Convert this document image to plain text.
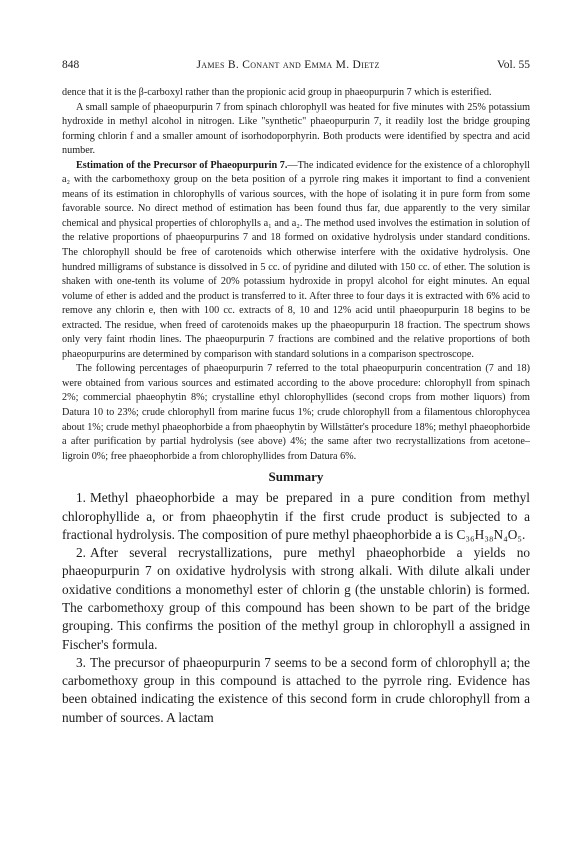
848	James B. Conant and Emma M. Dietz	Vol. 55

dence that it is the β-carboxyl rather than the propionic acid group in phaeopurpurin 7 which is esterified.

A small sample of phaeopurpurin 7 from spinach chlorophyll was heated for five minutes with 25% potassium hydroxide in methyl alcohol in nitrogen. Like "synthetic" phaeopurpurin 7, it readily lost the bridge grouping forming chlorin f and a smaller amount of isorhodoporphyrin. Both products were identified by spectra and acid number.

Estimation of the Precursor of Phaeopurpurin 7.—The indicated evidence for the existence of a chlorophyll a₂ with the carbomethoxy group on the beta position of a pyrrole ring makes it important to find a convenient means of its estimation in chlorophylls of various sources, with the hope of isolating it in pure form from some favorable source. No direct method of estimation has been found thus far, due apparently to the very similar chemical and physical properties of chlorophylls a₁ and a₂. The method used involves the estimation in solution of the relative proportions of phaeopurpurins 7 and 18 formed on oxidative hydrolysis under standard conditions. The chlorophyll should be free of carotenoids which otherwise interfere with the oxidative hydrolysis. One hundred milligrams of substance is dissolved in 5 cc. of pyridine and diluted with 150 cc. of ether. The solution is shaken with one-tenth its volume of 20% potassium hydroxide in propyl alcohol for eight minutes. An equal volume of ether is added and the product is transferred to it. After three to four days it is extracted with 6% acid to remove any chlorin e, then with 100 cc. extracts of 8, 10 and 12% acid until phaeopurpurin 18 begins to be extracted. The residue, when freed of carotenoids makes up the phaeopurpurin 18 fraction. The spectrum shows only very faint rhodin lines. The phaeopurpurin 7 fractions are combined and the relative proportions of both phaeopurpurins are determined by comparison with standard solutions in a comparison spectroscope.

The following percentages of phaeopurpurin 7 referred to the total phaeopurpurin concentration (7 and 18) were obtained from various sources and estimated according to the above procedure: chlorophyll from spinach 2%; commercial phaeophytin 8%; crystalline ethyl chlorophyllides (second crops from mother liquors) from Datura 10 to 23%; crude chlorophyll from marine fucus 1%; crude chlorophyll from a filamentous chlorophycea about 1%; crude methyl phaeophorbide a from phaeophytin by Willstätter's procedure 18%; methyl phaeophorbide a after purification by partial hydrolysis (see above) 4%; the same after two recrystallizations from acetone–ligroin 0%; free phaeophorbide a from chlorophyllides from Datura 6%.

Summary

1. Methyl phaeophorbide a may be prepared in a pure condition from methyl chlorophyllide a, or from phaeophytin if the first crude product is subjected to a fractional hydrolysis. The composition of pure methyl phaeophorbide a is C₃₆H₃₈N₄O₅.

2. After several recrystallizations, pure methyl phaeophorbide a yields no phaeopurpurin 7 on oxidative hydrolysis with strong alkali. With dilute alkali under oxidative conditions a monomethyl ester of chlorin g (the unstable chlorin) is formed. The carbomethoxy group of this compound has been shown to be part of the bridge grouping. This confirms the position of the methyl group in chlorophyll a assigned in Fischer's formula.

3. The precursor of phaeopurpurin 7 seems to be a second form of chlorophyll a; the carbomethoxy group in this compound is attached to the pyrrole ring. Evidence has been obtained indicating the existence of this second form in crude chlorophyll from a number of sources. A lactam
